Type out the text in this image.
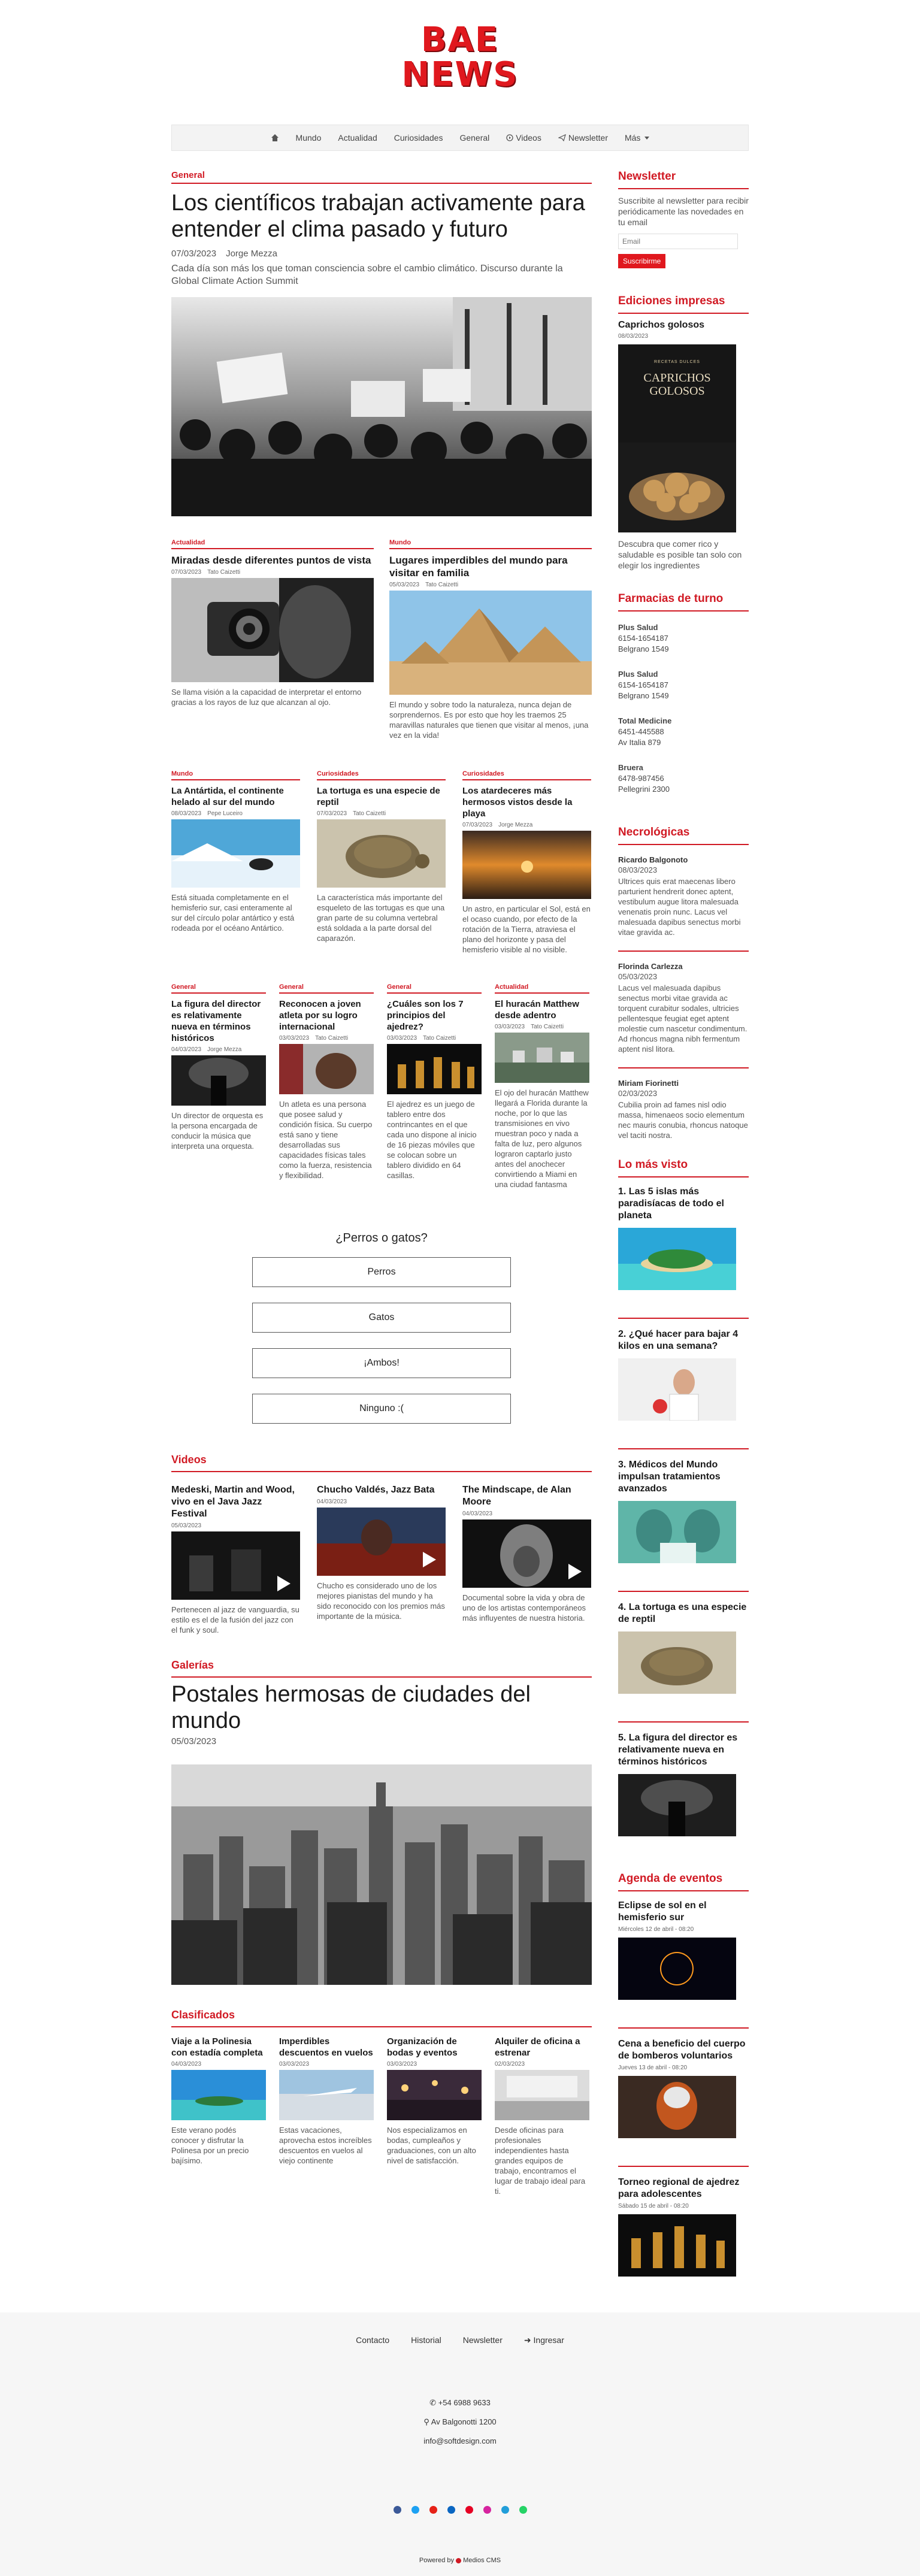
BAE
NEWS
Mundo	Actualidad	Curiosidades	General	Videos	Newsletter Más
General
Los científicos trabajan activamente para entender el clima pasado y futuro
07/03/2023 Jorge Mezza

Cada día son más los que toman consciencia sobre el cambio climático. Discurso durante la Global Climate Action Summit

Actualidad
Miradas desde diferentes puntos de vista
07/03/2023 Tato Caizetti
Se llama visión a la capacidad de interpretar el entorno gracias a los rayos de luz que alcanzan al ojo.
Mundo
Lugares imperdibles del mundo para visitar en familia
05/03/2023 Tato Caizetti
El mundo y sobre todo la naturaleza, nunca dejan de sorprendernos. Es por esto que hoy les traemos 25 maravillas naturales que tienen que visitar al menos, ¡una vez en la vida!
Mundo
La Antártida, el continente helado al sur del mundo
08/03/2023 Pepe Luceiro
Está situada completamente en el hemisferio sur, casi enteramente al sur del círculo polar antártico y está rodeada por el océano Antártico.
Curiosidades
La tortuga es una especie de reptil
07/03/2023 Tato Caizetti
La característica más importante del esqueleto de las tortugas es que una gran parte de su columna vertebral está soldada a la parte dorsal del caparazón.
Curiosidades
Los atardeceres más hermosos vistos desde la playa
07/03/2023 Jorge Mezza
Un astro, en particular el Sol, está en el ocaso cuando, por efecto de la rotación de la Tierra, atraviesa el plano del horizonte y pasa del hemisferio visible al no visible.
General
La figura del director es relativamente nueva en términos históricos
04/03/2023 Jorge Mezza
Un director de orquesta es la persona encargada de conducir la música que interpreta una orquesta.
General
Reconocen a joven atleta por su logro internacional
03/03/2023 Tato Caizetti
Un atleta es una persona que posee salud y condición física. Su cuerpo está sano y tiene desarrolladas sus capacidades físicas tales como la fuerza, resistencia y flexibilidad.
General
¿Cuáles son los 7 principios del ajedrez?
03/03/2023 Tato Caizetti
El ajedrez es un juego de tablero entre dos contrincantes en el que cada uno dispone al inicio de 16 piezas móviles que se colocan sobre un tablero dividido en 64 casillas.
Actualidad
El huracán Matthew desde adentro
03/03/2023 Tato Caizetti
El ojo del huracán Matthew llegará a Florida durante la noche, por lo que las transmisiones en vivo muestran poco y nada a falta de luz, pero algunos lograron captarlo justo antes del anochecer convirtiendo a Miami en una ciudad fantasma
¿Perros o gatos?
Perros
Gatos
¡Ambos!
Ninguno :(
Videos
Medeski, Martin and Wood, vivo en el Java Jazz Festival
05/03/2023
Pertenecen al jazz de vanguardia, su estilo es el de la fusión del jazz con el funk y soul.
Chucho Valdés, Jazz Bata
04/03/2023
Chucho es considerado uno de los mejores pianistas del mundo y ha sido reconocido con los premios más importante de la música.
The Mindscape, de Alan Moore
04/03/2023
Documental sobre la vida y obra de uno de los artistas contemporáneos más influyentes de nuestra historia.
Galerías
Postales hermosas de ciudades del mundo
05/03/2023
Clasificados
Viaje a la Polinesia con estadía completa
04/03/2023
Este verano podés conocer y disfrutar la Polinesa por un precio bajísimo.
Imperdibles descuentos en vuelos
03/03/2023
Estas vacaciones, aprovecha estos increíbles descuentos en vuelos al viejo continente
Organización de bodas y eventos
03/03/2023
Nos especializamos en bodas, cumpleaños y graduaciones, con un alto nivel de satisfacción.
Alquiler de oficina a estrenar
02/03/2023
Desde oficinas para profesionales independientes hasta grandes equipos de trabajo, encontramos el lugar de trabajo ideal para ti.
Newsletter

Suscribite al newsletter para recibir periódicamente las novedades en tu email

Email
Suscribirme
Ediciones impresas
Caprichos golosos
08/03/2023
RECETAS DULCES
CAPRICHOS GOLOSOS

Descubra que comer rico y saludable es posible tan solo con elegir los ingredientes

Farmacias de turno
Plus Salud
6154-1654187
Belgrano 1549
Plus Salud
6154-1654187
Belgrano 1549
Total Medicine
6451-445588
Av Italia 879
Bruera
6478-987456
Pellegrini 2300
Necrológicas
Ricardo Balgonoto
08/03/2023
Ultrices quis erat maecenas libero parturient hendrerit donec aptent, vestibulum augue litora malesuada venenatis proin nunc. Lacus vel malesuada dapibus senectus morbi vitae gravida ac.
Florinda Carlezza
05/03/2023
Lacus vel malesuada dapibus senectus morbi vitae gravida ac torquent curabitur sodales, ultricies pellentesque feugiat eget aptent molestie cum nascetur condimentum. Ad rhoncus magna nibh fermentum aptent nisl litora.
Miriam Fiorinetti
02/03/2023
Cubilia proin ad fames nisl odio massa, himenaeos socio elementum nec mauris conubia, rhoncus natoque vel taciti nostra.
Lo más visto
1. Las 5 islas más paradisíacas de todo el planeta
2. ¿Qué hacer para bajar 4 kilos en una semana?
3. Médicos del Mundo impulsan tratamientos avanzados
4. La tortuga es una especie de reptil
5. La figura del director es relativamente nueva en términos históricos
Agenda de eventos
Eclipse de sol en el hemisferio sur
Miércoles 12 de abril - 08:20
Cena a beneficio del cuerpo de bomberos voluntarios
Jueves 13 de abril - 08:20
Torneo regional de ajedrez para adolescentes
Sábado 15 de abril - 08:20
Contacto	Historial	Newsletter	➜ Ingresar
✆ +54 6988 9633
⚲ Av Balgonotti 1200
info@softdesign.com
Powered by Medios CMS
